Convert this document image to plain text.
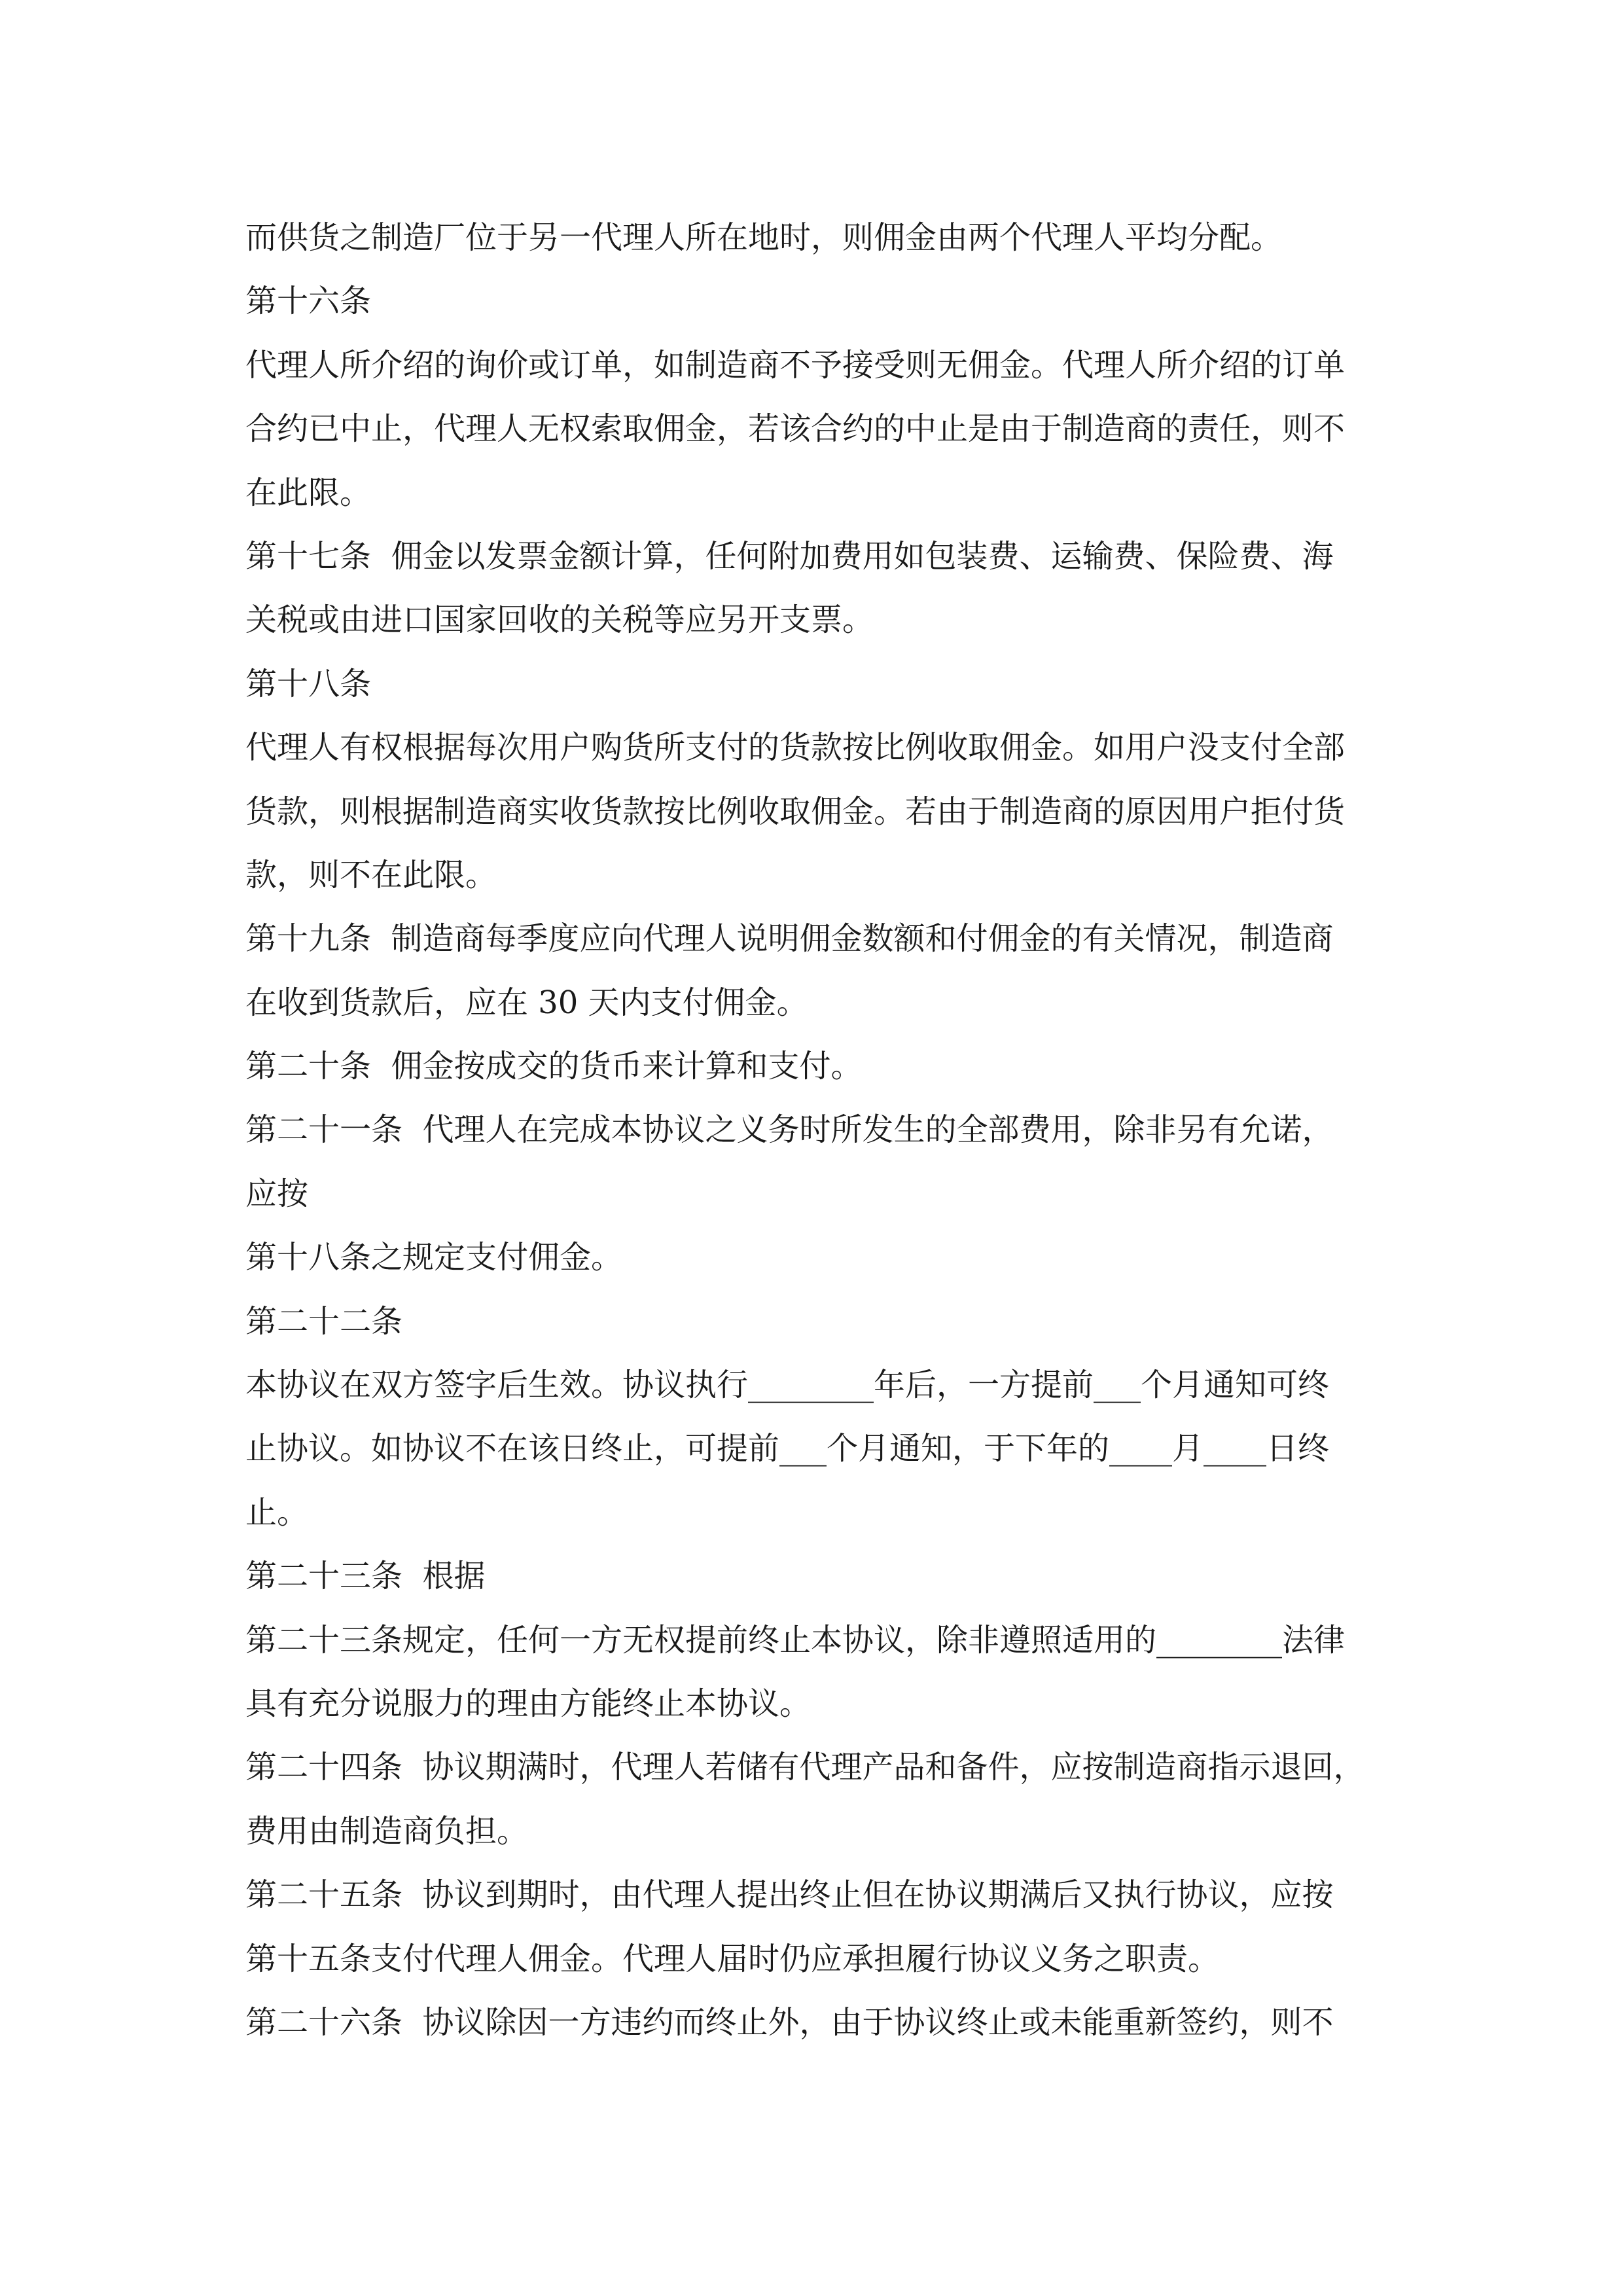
而供货之制造厂位于另一代理人所在地时，则佣金由两个代理人平均分配。
第十六条
代理人所介绍的询价或订单，如制造商不予接受则无佣金。代理人所介绍的订单
合约已中止，代理人无权索取佣金，若该合约的中止是由于制造商的责任，则不
在此限。
第十七条  佣金以发票金额计算，任何附加费用如包装费、运输费、保险费、海
关税或由进口国家回收的关税等应另开支票。
第十八条
代理人有权根据每次用户购货所支付的货款按比例收取佣金。如用户没支付全部
货款，则根据制造商实收货款按比例收取佣金。若由于制造商的原因用户拒付货
款，则不在此限。
第十九条  制造商每季度应向代理人说明佣金数额和付佣金的有关情况，制造商
在收到货款后，应在 30 天内支付佣金。
第二十条  佣金按成交的货币来计算和支付。
第二十一条  代理人在完成本协议之义务时所发生的全部费用，除非另有允诺，
应按
第十八条之规定支付佣金。
第二十二条
本协议在双方签字后生效。协议执行________年后，一方提前___个月通知可终
止协议。如协议不在该日终止，可提前___个月通知，于下年的____月____日终
止。
第二十三条  根据
第二十三条规定，任何一方无权提前终止本协议，除非遵照适用的________法律
具有充分说服力的理由方能终止本协议。
第二十四条  协议期满时，代理人若储有代理产品和备件，应按制造商指示退回，
费用由制造商负担。
第二十五条  协议到期时，由代理人提出终止但在协议期满后又执行协议，应按
第十五条支付代理人佣金。代理人届时仍应承担履行协议义务之职责。
第二十六条  协议除因一方违约而终止外，由于协议终止或未能重新签约，则不
